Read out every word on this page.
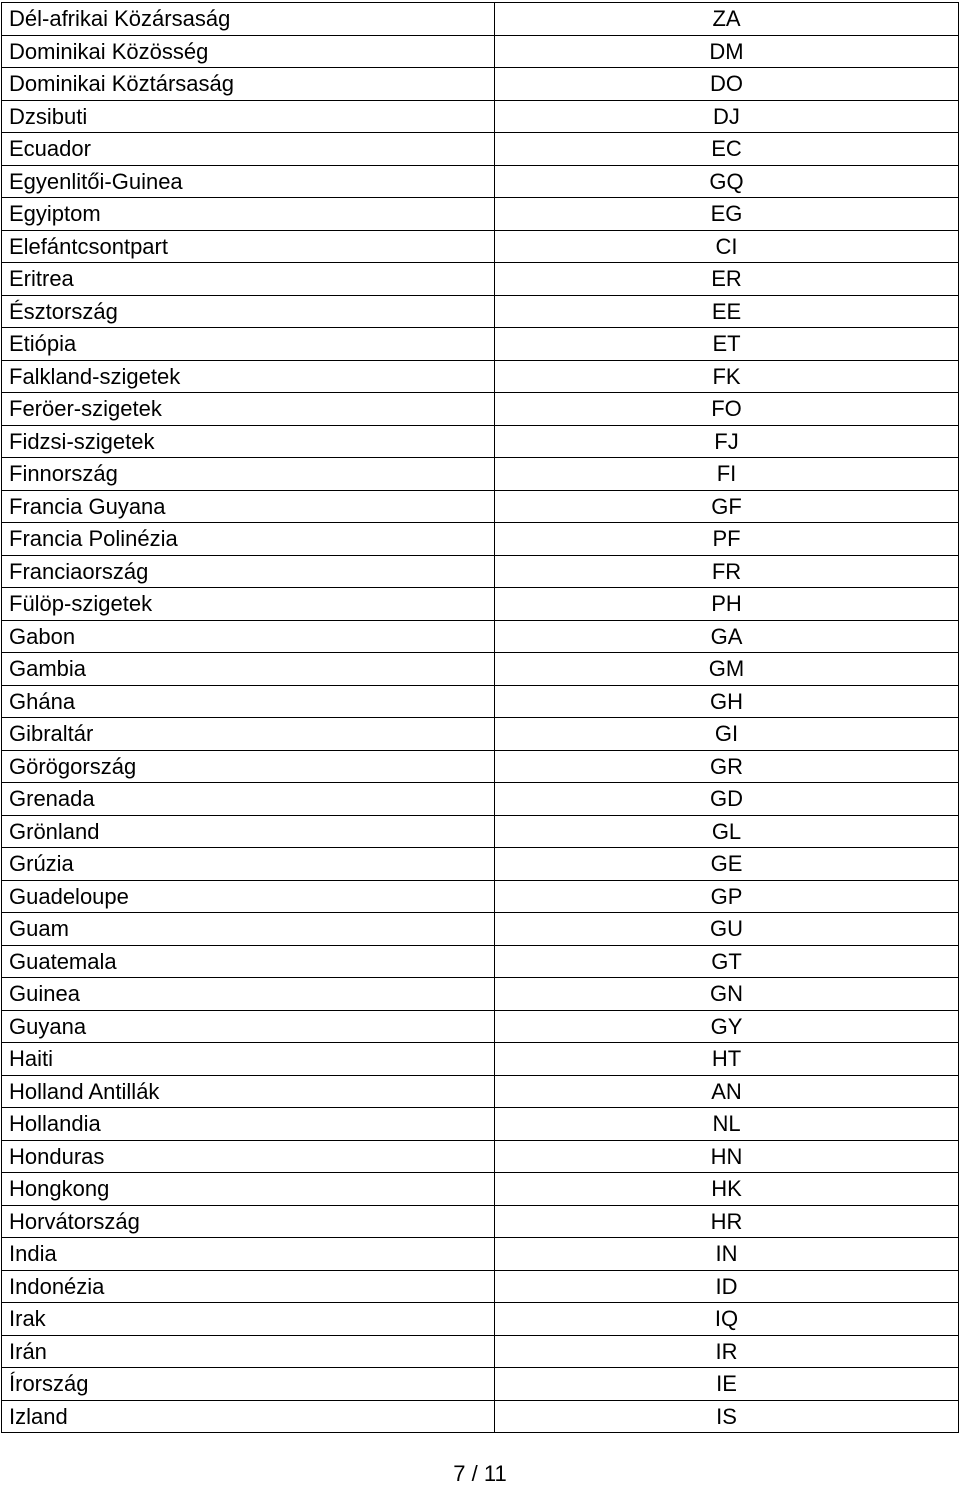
Dél-afrikai Közársaság	ZA
Dominikai Közösség	DM
Dominikai Köztársaság	DO
Dzsibuti	DJ
Ecuador	EC
Egyenlitői-Guinea	GQ
Egyiptom	EG
Elefántcsontpart	CI
Eritrea	ER
Észtország	EE
Etiópia	ET
Falkland-szigetek	FK
Feröer-szigetek	FO
Fidzsi-szigetek	FJ
Finnország	FI
Francia Guyana	GF
Francia Polinézia	PF
Franciaország	FR
Fülöp-szigetek	PH
Gabon	GA
Gambia	GM
Ghána	GH
Gibraltár	GI
Görögország	GR
Grenada	GD
Grönland	GL
Grúzia	GE
Guadeloupe	GP
Guam	GU
Guatemala	GT
Guinea	GN
Guyana	GY
Haiti	HT
Holland Antillák	AN
Hollandia	NL
Honduras	HN
Hongkong	HK
Horvátország	HR
India	IN
Indonézia	ID
Irak	IQ
Irán	IR
Írország	IE
Izland	IS
7 / 11
